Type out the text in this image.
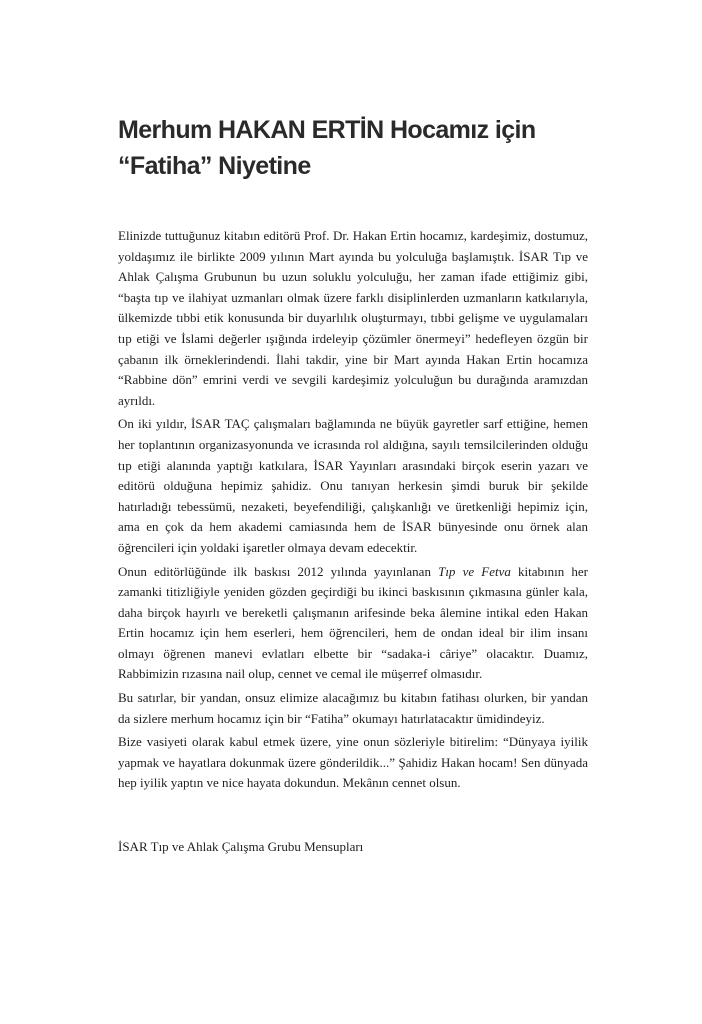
Merhum HAKAN ERTİN Hocamız için
“Fatiha” Niyetine

Elinizde tuttuğunuz kitabın editörü Prof. Dr. Hakan Ertin hocamız, kardeşimiz, dostumuz, yoldaşımız ile birlikte 2009 yılının Mart ayında bu yolculuğa başlamıştık. İSAR Tıp ve Ahlak Çalışma Grubunun bu uzun soluklu yolculuğu, her zaman ifade ettiğimiz gibi, “başta tıp ve ilahiyat uzmanları olmak üzere farklı disiplinlerden uzmanların katkılarıyla, ülkemizde tıbbi etik konusunda bir duyarlılık oluşturmayı, tıbbi gelişme ve uygulamaları tıp etiği ve İslami değerler ışığında irdeleyip çözümler önermeyi” hedefleyen özgün bir çabanın ilk örneklerindendi. İlahi takdir, yine bir Mart ayında Hakan Ertin hocamıza “Rabbine dön” emrini verdi ve sevgili kardeşimiz yolculuğun bu durağında aramızdan ayrıldı.

On iki yıldır, İSAR TAÇ çalışmaları bağlamında ne büyük gayretler sarf ettiğine, hemen her toplantının organizasyonunda ve icrasında rol aldığına, sayılı temsilcilerinden olduğu tıp etiği alanında yaptığı katkılara, İSAR Yayınları arasındaki birçok eserin yazarı ve editörü olduğuna hepimiz şahidiz. Onu tanıyan herkesin şimdi buruk bir şekilde hatırladığı tebessümü, nezaketi, beyefendiliği, çalışkanlığı ve üretkenliği hepimiz için, ama en çok da hem akademi camiasında hem de İSAR bünyesinde onu örnek alan öğrencileri için yoldaki işaretler olmaya devam edecektir.

Onun editörlüğünde ilk baskısı 2012 yılında yayınlanan Tıp ve Fetva kitabının her zamanki titizliğiyle yeniden gözden geçirdiği bu ikinci baskısının çıkmasına günler kala, daha birçok hayırlı ve bereketli çalışmanın arifesinde beka âlemine intikal eden Hakan Ertin hocamız için hem eserleri, hem öğrencileri, hem de ondan ideal bir ilim insanı olmayı öğrenen manevi evlatları elbette bir “sadaka-i câriye” olacaktır. Duamız, Rabbimizin rızasına nail olup, cennet ve cemal ile müşerref olmasıdır.

Bu satırlar, bir yandan, onsuz elimize alacağımız bu kitabın fatihası olurken, bir yandan da sizlere merhum hocamız için bir “Fatiha” okumayı hatırlatacaktır ümidindeyiz.

Bize vasiyeti olarak kabul etmek üzere, yine onun sözleriyle bitirelim: “Dünyaya iyilik yapmak ve hayatlara dokunmak üzere gönderildik...” Şahidiz Hakan hocam! Sen dünyada hep iyilik yaptın ve nice hayata dokundun. Mekânın cennet olsun.

İSAR Tıp ve Ahlak Çalışma Grubu Mensupları
